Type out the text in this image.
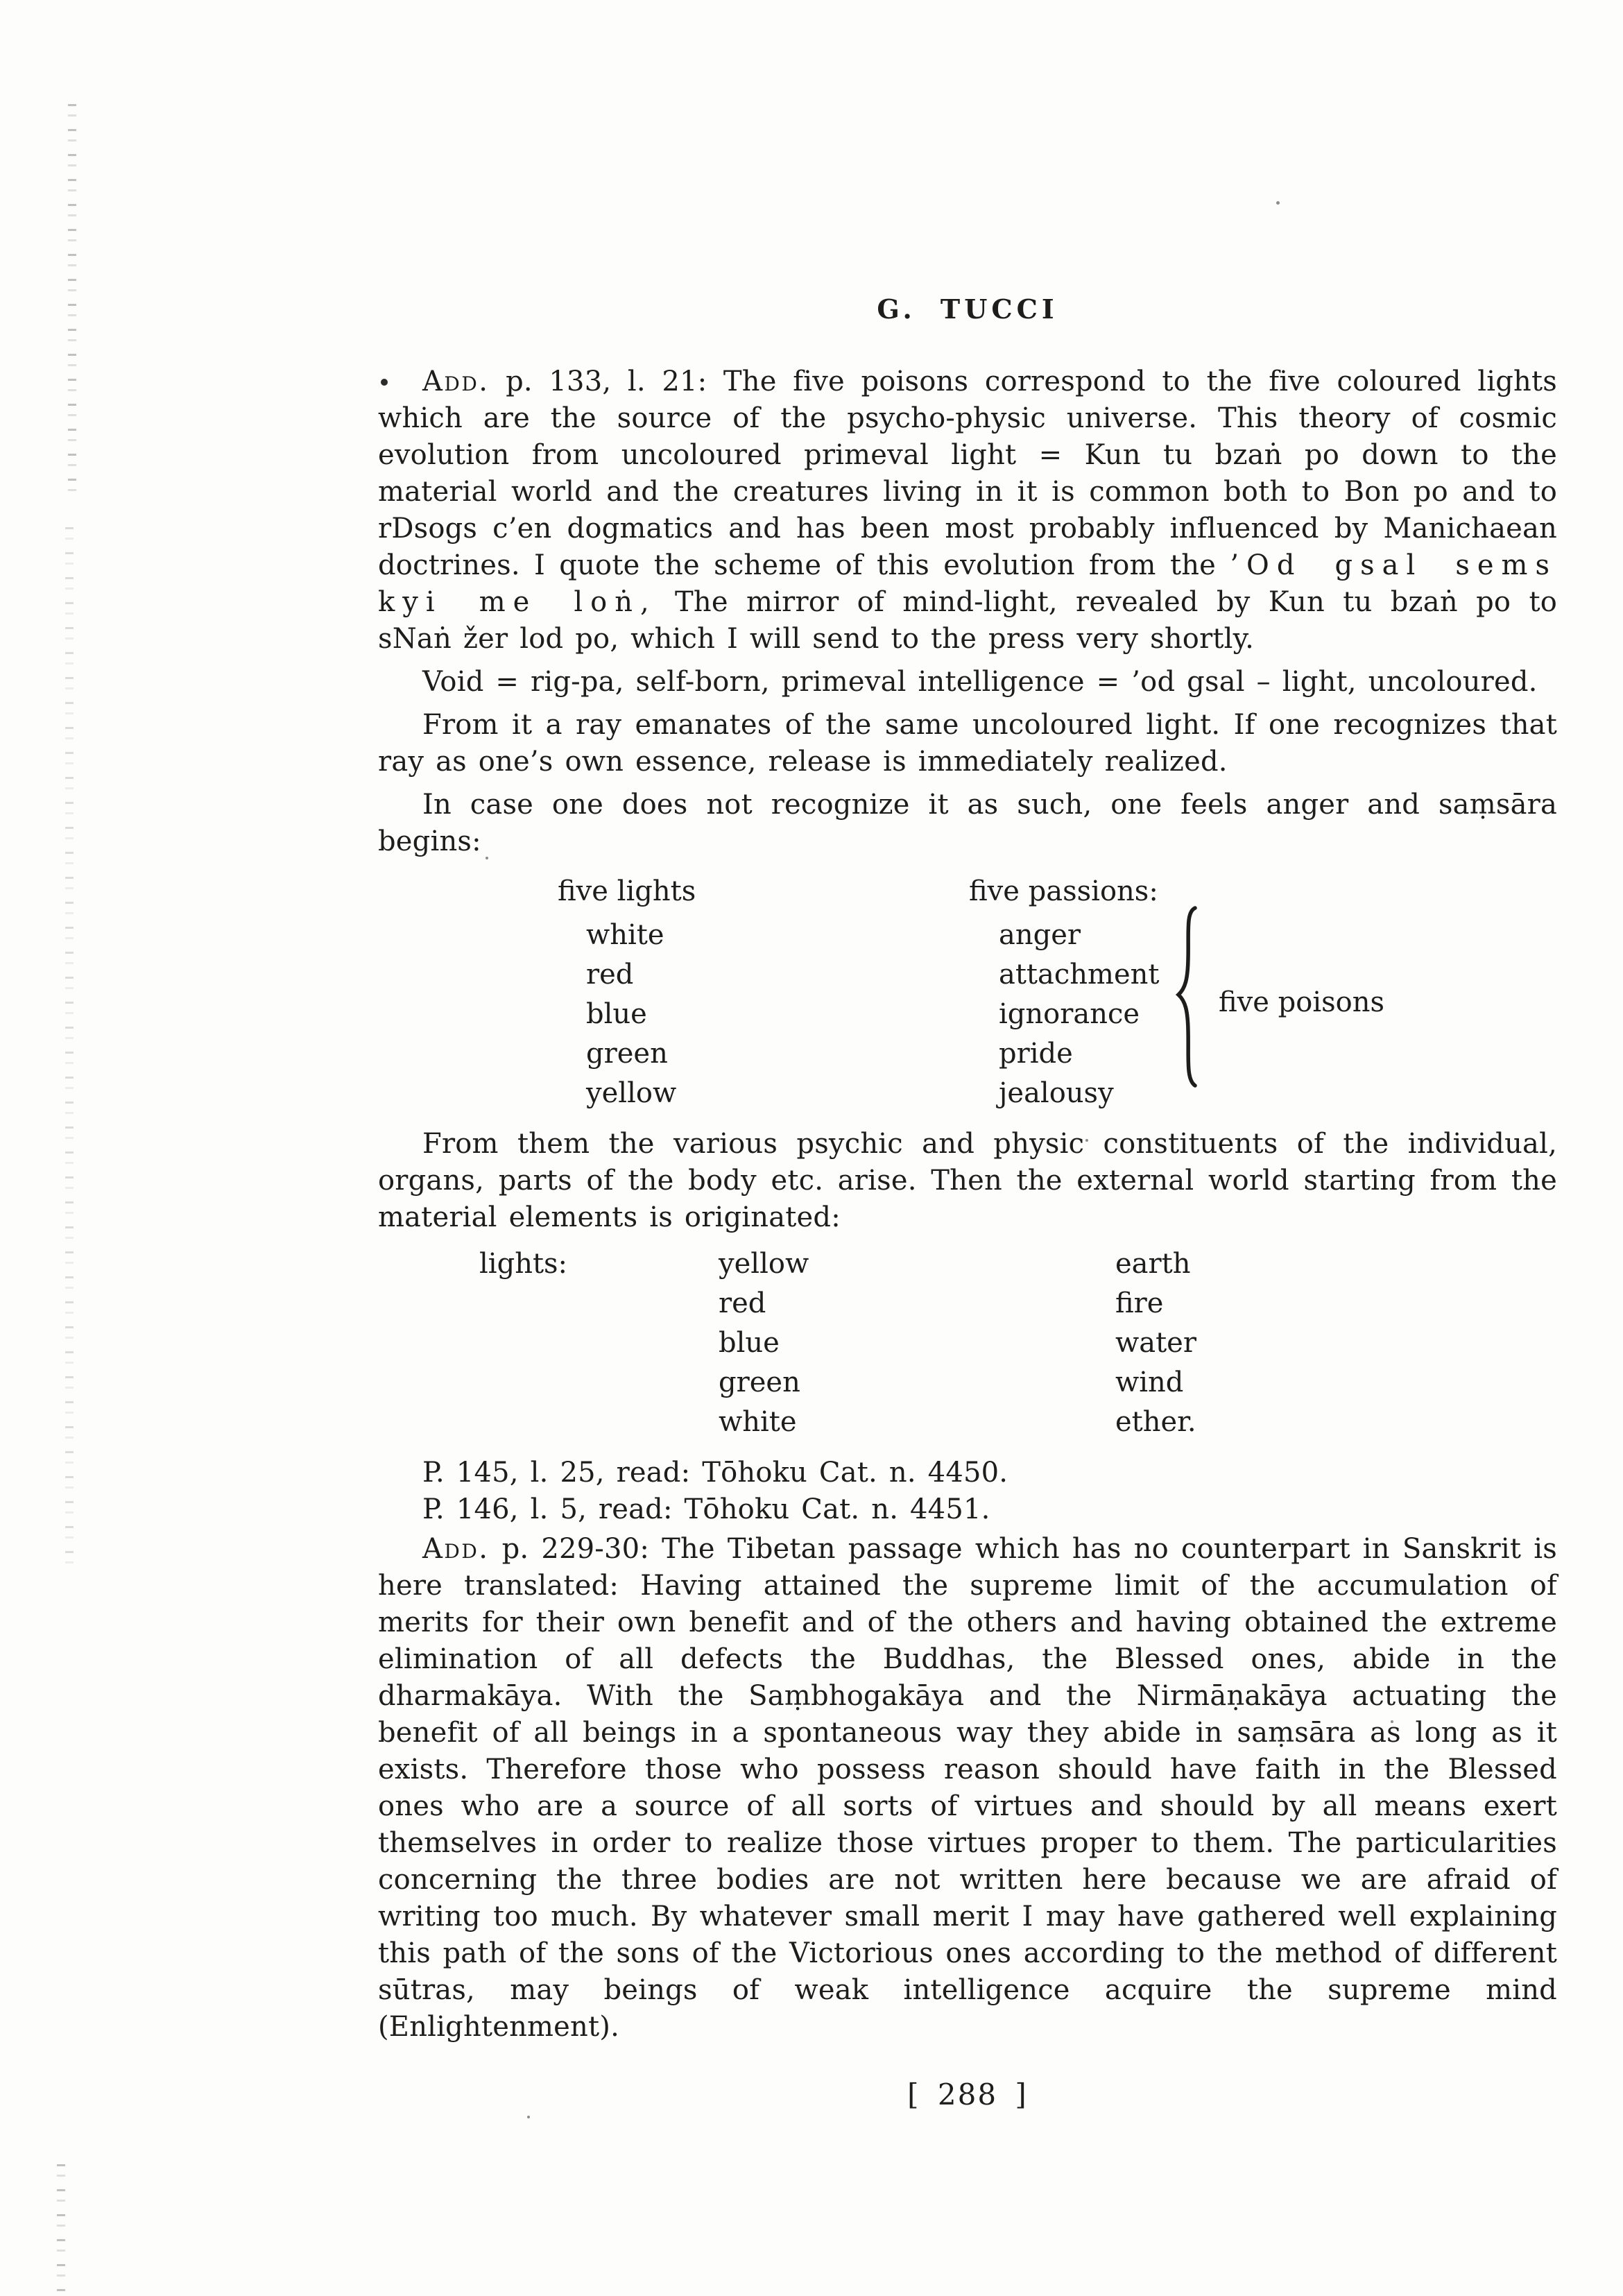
G. TUCCI

Add. p. 133, l. 21: The five poisons correspond to the five coloured lights which are the source of the psycho-physic universe. This theory of cosmic evolution from uncoloured primeval light = Kun tu bzaṅ po down to the material world and the creatures living in it is common both to Bon po and to rDsogs c’en dogmatics and has been most probably influenced by Manichaean doctrines. I quote the scheme of this evolution from the ’Od gsal sems kyi me loṅ, The mirror of mind-light, revealed by Kun tu bzaṅ po to sNaṅ žer lod po, which I will send to the press very shortly.

Void = rig-pa, self-born, primeval intelligence = ’od gsal – light, uncoloured.

From it a ray emanates of the same uncoloured light. If one recognizes that ray as one’s own essence, release is immediately realized.

In case one does not recognize it as such, one feels anger and saṃsāra begins:

five lights	five passions:
white
red
blue
green
yellow
anger
attachment
ignorance
pride
jealousy
five poisons

From them the various psychic and physic constituents of the individual, organs, parts of the body etc. arise. Then the external world starting from the material elements is originated:

lights:	yellow
red
blue
green
white
earth
fire
water
wind
ether.

P. 145, l. 25, read: Tōhoku Cat. n. 4450.

P. 146, l. 5, read: Tōhoku Cat. n. 4451.

Add. p. 229-30: The Tibetan passage which has no counterpart in Sanskrit is here translated: Having attained the supreme limit of the accumulation of merits for their own benefit and of the others and having obtained the extreme elimination of all defects the Buddhas, the Blessed ones, abide in the dharmakāya. With the Saṃbhogakāya and the Nirmāṇakāya actuating the benefit of all beings in a spontaneous way they abide in saṃsāra as long as it exists. Therefore those who possess reason should have faith in the Blessed ones who are a source of all sorts of virtues and should by all means exert themselves in order to realize those virtues proper to them. The particularities concerning the three bodies are not written here because we are afraid of writing too much. By whatever small merit I may have gathered well explaining this path of the sons of the Victorious ones according to the method of different sūtras, may beings of weak intelligence acquire the supreme mind (Enlightenment).

[ 288 ]
